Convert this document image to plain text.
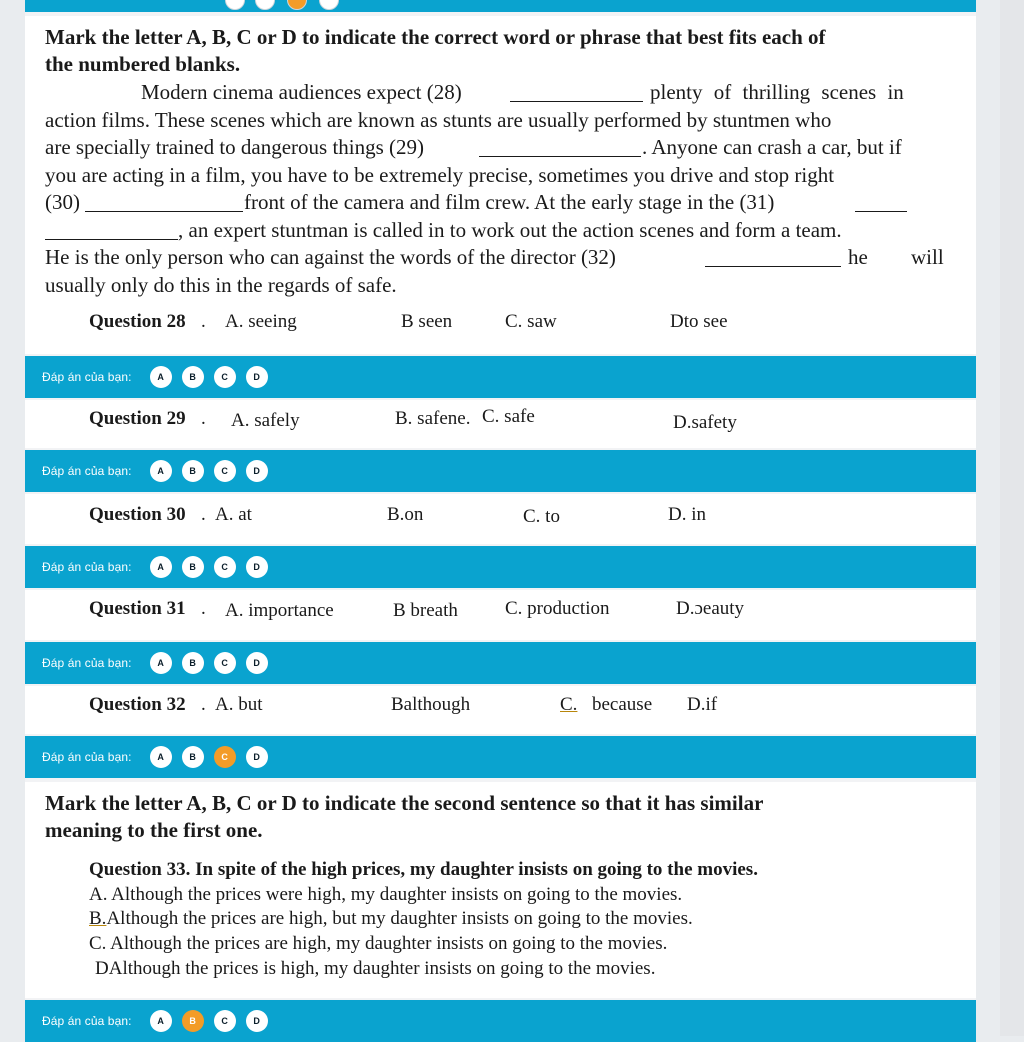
Mark the letter A, B, C or D to indicate the correct word or phrase that best fits each of
the numbered blanks.
Modern cinema audiences expect (28)	plenty of thrilling scenes in
action films. These scenes which are known as stunts are usually performed by stuntmen who
are specially trained to dangerous things (29)	. Anyone can crash a car, but if
you are acting in a film, you have to be extremely precise, sometimes you drive and stop right
(30)	front of the camera and film crew. At the early stage in the (31)
, an expert stuntman is called in to work out the action scenes and form a team.
He is the only person who can against the words of the director (32)	he will
usually only do this in the regards of safe.
Question 28 . A. seeing	B seen	C. saw	Dto see
Đáp án của bạn:	A	B	C	D
Question 29 . A. safely	B. safene. C. safe	D.safety
Đáp án của bạn:	A	B	C	D
Question 30 . A. at	B.on	C. to	D. in
Đáp án của bạn:	A	B	C	D
Question 31 . A. importance	B breath C. production	D.ɔeauty
Đáp án của bạn:	A	B	C	D
Question 32 . A. but	Balthough	C. because D.if
Đáp án của bạn:	A	B	C	D
Mark the letter A, B, C or D to indicate the second sentence so that it has similar
meaning to the first one.
Question 33. In spite of the high prices, my daughter insists on going to the movies.
A. Although the prices were high, my daughter insists on going to the movies.
B.Although the prices are high, but my daughter insists on going to the movies.
C. Although the prices are high, my daughter insists on going to the movies.
DAlthough the prices is high, my daughter insists on going to the movies.
Đáp án của bạn:	A	B	C	D
